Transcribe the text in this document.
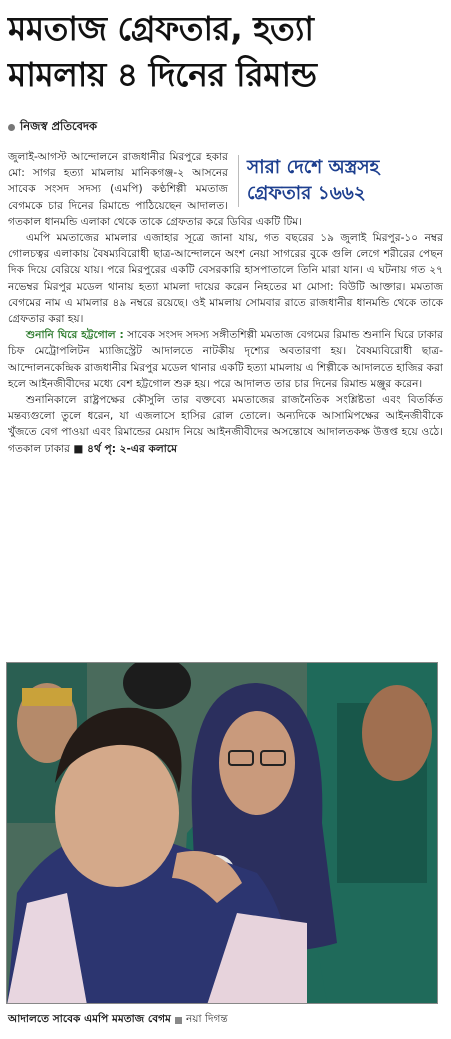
মমতাজ গ্রেফতার, হত্যা
মামলায় ৪ দিনের রিমান্ড
নিজস্ব প্রতিবেদক

সারা দেশে অস্ত্রসহ
গ্রেফতার ১৬৬২
জুলাই-আগস্ট আন্দোলনে রাজধানীর মিরপুরে হকার মো: সাগর হত্যা মামলায় মানিকগঞ্জ-২ আসনের সাবেক সংসদ সদস্য (এমপি) কণ্ঠশিল্পী মমতাজ বেগমকে চার দিনের রিমান্ডে পাঠিয়েছেন আদালত। গতকাল ধানমন্ডি এলাকা থেকে তাকে গ্রেফতার করে ডিবির একটি টিম।

এমপি মমতাজের মামলার এজাহার সূত্রে জানা যায়, গত বছরের ১৯ জুলাই মিরপুর-১০ নম্বর গোলচত্বর এলাকায় বৈষম্যবিরোধী ছাত্র-আন্দোলনে অংশ নেয়া সাগরের বুকে গুলি লেগে শরীরের পেছন দিক দিয়ে বেরিয়ে যায়। পরে মিরপুরের একটি বেসরকারি হাসপাতালে তিনি মারা যান। এ ঘটনায় গত ২৭ নভেম্বর মিরপুর মডেল থানায় হত্যা মামলা দায়ের করেন নিহতের মা মোসা: বিউটি আক্তার। মমতাজ বেগমের নাম এ মামলার ৪৯ নম্বরে রয়েছে। ওই মামলায় সোমবার রাতে রাজধানীর ধানমন্ডি থেকে তাকে গ্রেফতার করা হয়।

শুনানি ঘিরে হট্টগোল : সাবেক সংসদ সদস্য সঙ্গীতশিল্পী মমতাজ বেগমের রিমান্ড শুনানি ঘিরে ঢাকার চিফ মেট্রোপলিটন ম্যাজিস্ট্রেট আদালতে নাটকীয় দৃশ্যের অবতারণা হয়। বৈষম্যবিরোধী ছাত্র-আন্দোলনকেন্দ্রিক রাজধানীর মিরপুর মডেল থানার একটি হত্যা মামলায় এ শিল্পীকে আদালতে হাজির করা হলে আইনজীবীদের মধ্যে বেশ হট্টগোল শুরু হয়। পরে আদালত তার চার দিনের রিমান্ড মঞ্জুর করেন।

শুনানিকালে রাষ্ট্রপক্ষের কৌসুলি তার বক্তব্যে মমতাজের রাজনৈতিক সংশ্লিষ্টতা এবং বিতর্কিত মন্তব্যগুলো তুলে ধরেন, যা এজলাসে হাসির রোল তোলে। অন্যদিকে আসামিপক্ষের আইনজীবীকে খুঁজতে বেগ পাওয়া এবং রিমান্ডের মেয়াদ নিয়ে আইনজীবীদের অসন্তোষে আদালতকক্ষ উত্তপ্ত হয়ে ওঠে। গতকাল ঢাকার ■ ৪র্থ পৃ: ২-এর কলামে

আদালতে সাবেক এমপি মমতাজ বেগম নয়া দিগন্ত
